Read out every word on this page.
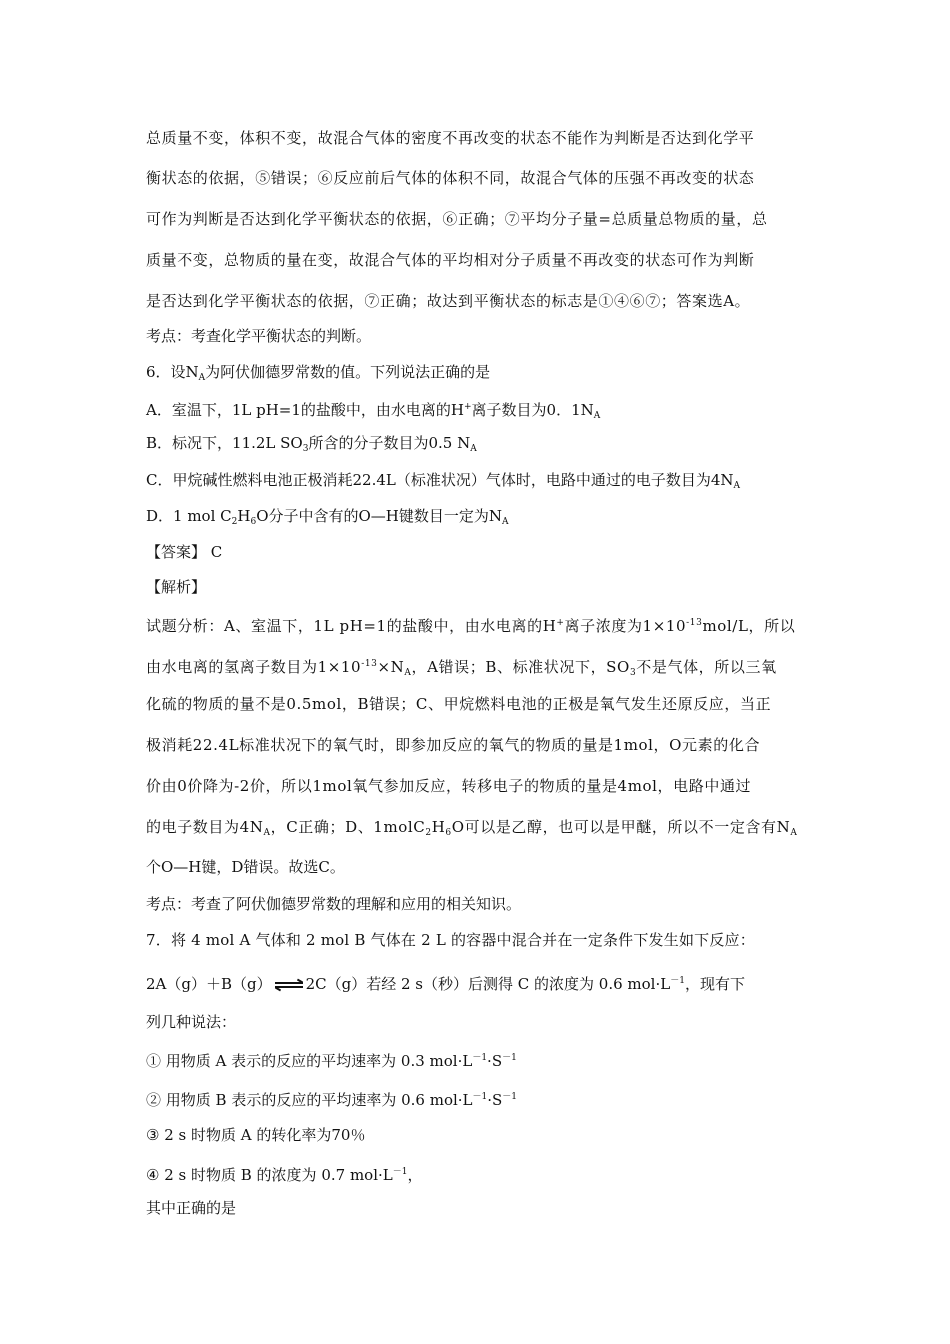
总质量不变，体积不变，故混合气体的密度不再改变的状态不能作为判断是否达到化学平
衡状态的依据，⑤错误；⑥反应前后气体的体积不同，故混合气体的压强不再改变的状态
可作为判断是否达到化学平衡状态的依据，⑥正确；⑦平均分子量=总质量总物质的量，总
质量不变，总物质的量在变，故混合气体的平均相对分子质量不再改变的状态可作为判断
是否达到化学平衡状态的依据，⑦正确；故达到平衡状态的标志是①④⑥⑦；答案选A。
考点：考查化学平衡状态的判断。
6．设$N_A$为阿伏伽德罗常数的值。下列说法正确的是
A．室温下，1L pH=1的盐酸中，由水电离的H+离子数目为0．$1N_A$
B．标况下，11.2L $SO_3$所含的分子数目为0.5 $N_A$
C．甲烷碱性燃料电池正极消耗22.4L（标准状况）气体时，电路中通过的电子数目为$4N_A$
D．1 mol $C_2H_6O$分子中含有的O—H键数目一定为$N_A$
【答案】 C
【解析】
试题分析：A、室温下，1L pH=1的盐酸中，由水电离的H+离子浓度为$1\times 10^{-13}mol/L$，所以
由水电离的氢离子数目为$1\times 10^{-13}\times N_A$，A错误；B、标准状况下，$SO_3$不是气体，所以三氧
化硫的物质的量不是0.5mol，B错误；C、甲烷燃料电池的正极是氧气发生还原反应，当正
极消耗22.4L标准状况下的氧气时，即参加反应的氧气的物质的量是1mol，O元素的化合
价由0价降为-2价，所以1mol氧气参加反应，转移电子的物质的量是4mol，电路中通过
的电子数目为$4N_A$，C正确；D、$1molC_2H_6O$可以是乙醇，也可以是甲醚，所以不一定含有$N_A$
个O—H键，D错误。故选C。
考点：考查了阿伏伽德罗常数的理解和应用的相关知识。
7．将 4 mol A 气体和 2 mol B 气体在 2 L 的容器中混合并在一定条件下发生如下反应：
2A（g）＋B（g） 2C（g）若经 2 s（秒）后测得 C 的浓度为 0.6 $mol\cdot L^{-1}$，现有下
列几种说法：
① 用物质 A 表示的反应的平均速率为 0.3 $mol\cdot L^{-1}\cdot S^{-1}$
② 用物质 B 表示的反应的平均速率为 0.6 $mol\cdot L^{-1}\cdot S^{-1}$
③ 2 s 时物质 A 的转化率为70％
④ 2 s 时物质 B 的浓度为 0.7 $mol\cdot L^{-1}$，
其中正确的是
